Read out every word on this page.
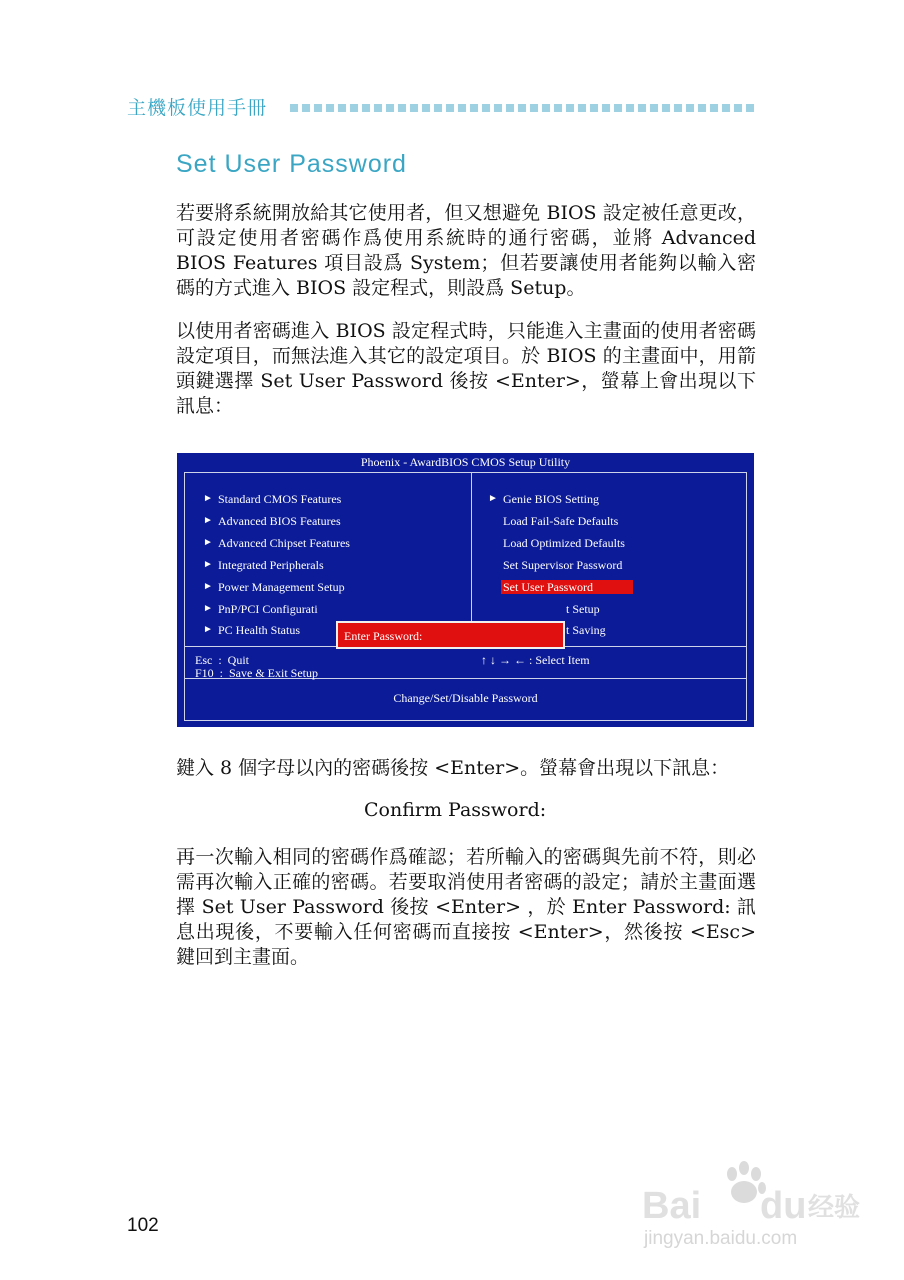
主機板使用手冊
Set User Password
若要將系統開放給其它使用者，但又想避免 BIOS 設定被任意更改，可設定使用者密碼作爲使用系統時的通行密碼，並將 Advanced BIOS Features 項目設爲 System；但若要讓使用者能夠以輸入密碼的方式進入 BIOS 設定程式，則設爲 Setup。
以使用者密碼進入 BIOS 設定程式時，只能進入主畫面的使用者密碼設定項目，而無法進入其它的設定項目。於 BIOS 的主畫面中，用箭頭鍵選擇 Set User Password 後按 <Enter>，螢幕上會出現以下訊息：
Phoenix - AwardBIOS CMOS Setup Utility
► Standard CMOS Features
► Advanced BIOS Features
► Advanced Chipset Features
► Integrated Peripherals
► Power Management Setup
► PnP/PCI Configurati
► PC Health Status
► Genie BIOS Setting
Load Fail-Safe Defaults
Load Optimized Defaults
Set Supervisor Password
Set User Password
t Setup
t Saving
Enter Password:
Esc  :  Quit
F10  :  Save & Exit Setup
↑ ↓ → ← : Select Item
Change/Set/Disable Password
鍵入 8 個字母以內的密碼後按 <Enter>。螢幕會出現以下訊息：
Confirm Password:
再一次輸入相同的密碼作爲確認；若所輸入的密碼與先前不符，則必需再次輸入正確的密碼。若要取消使用者密碼的設定；請於主畫面選擇 Set User Password 後按 <Enter> ，於 Enter Password: 訊息出現後，不要輸入任何密碼而直接按 <Enter>，然後按 <Esc> 鍵回到主畫面。
102	Bai du 经验
jingyan.baidu.com
